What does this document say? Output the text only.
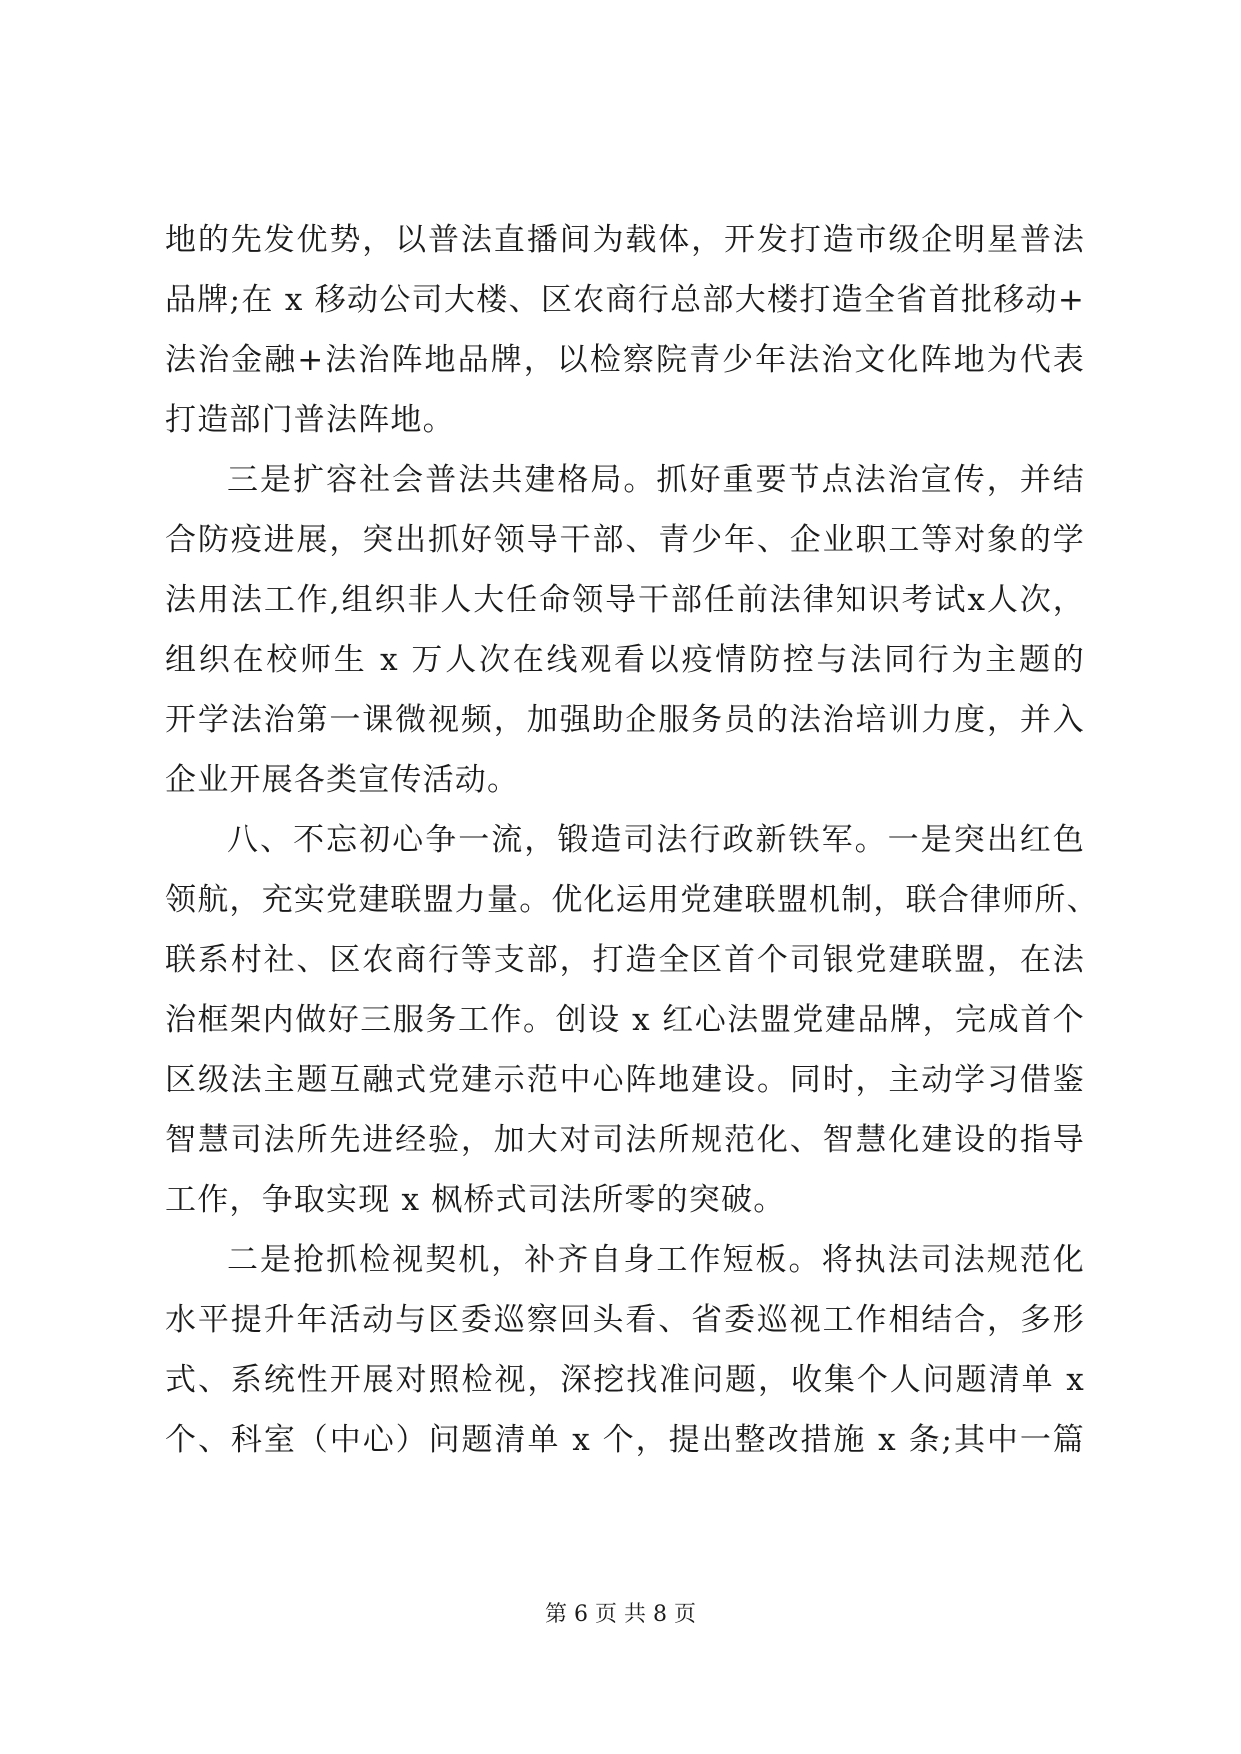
地的先发优势，以普法直播间为载体，开发打造市级企明星普法
品牌;在 x 移动公司大楼、区农商行总部大楼打造全省首批移动+
法治金融+法治阵地品牌，以检察院青少年法治文化阵地为代表
打造部门普法阵地。
三是扩容社会普法共建格局。抓好重要节点法治宣传，并结
合防疫进展，突出抓好领导干部、青少年、企业职工等对象的学
法用法工作,组织非人大任命领导干部任前法律知识考试x人次，
组织在校师生 x 万人次在线观看以疫情防控与法同行为主题的
开学法治第一课微视频，加强助企服务员的法治培训力度，并入
企业开展各类宣传活动。
八、不忘初心争一流，锻造司法行政新铁军。一是突出红色
领航，充实党建联盟力量。优化运用党建联盟机制，联合律师所、
联系村社、区农商行等支部，打造全区首个司银党建联盟，在法
治框架内做好三服务工作。创设 x 红心法盟党建品牌，完成首个
区级法主题互融式党建示范中心阵地建设。同时，主动学习借鉴
智慧司法所先进经验，加大对司法所规范化、智慧化建设的指导
工作，争取实现 x 枫桥式司法所零的突破。
二是抢抓检视契机，补齐自身工作短板。将执法司法规范化
水平提升年活动与区委巡察回头看、省委巡视工作相结合，多形
式、系统性开展对照检视，深挖找准问题，收集个人问题清单 x
个、科室（中心）问题清单 x 个，提出整改措施 x 条;其中一篇
第 6 页 共 8 页
